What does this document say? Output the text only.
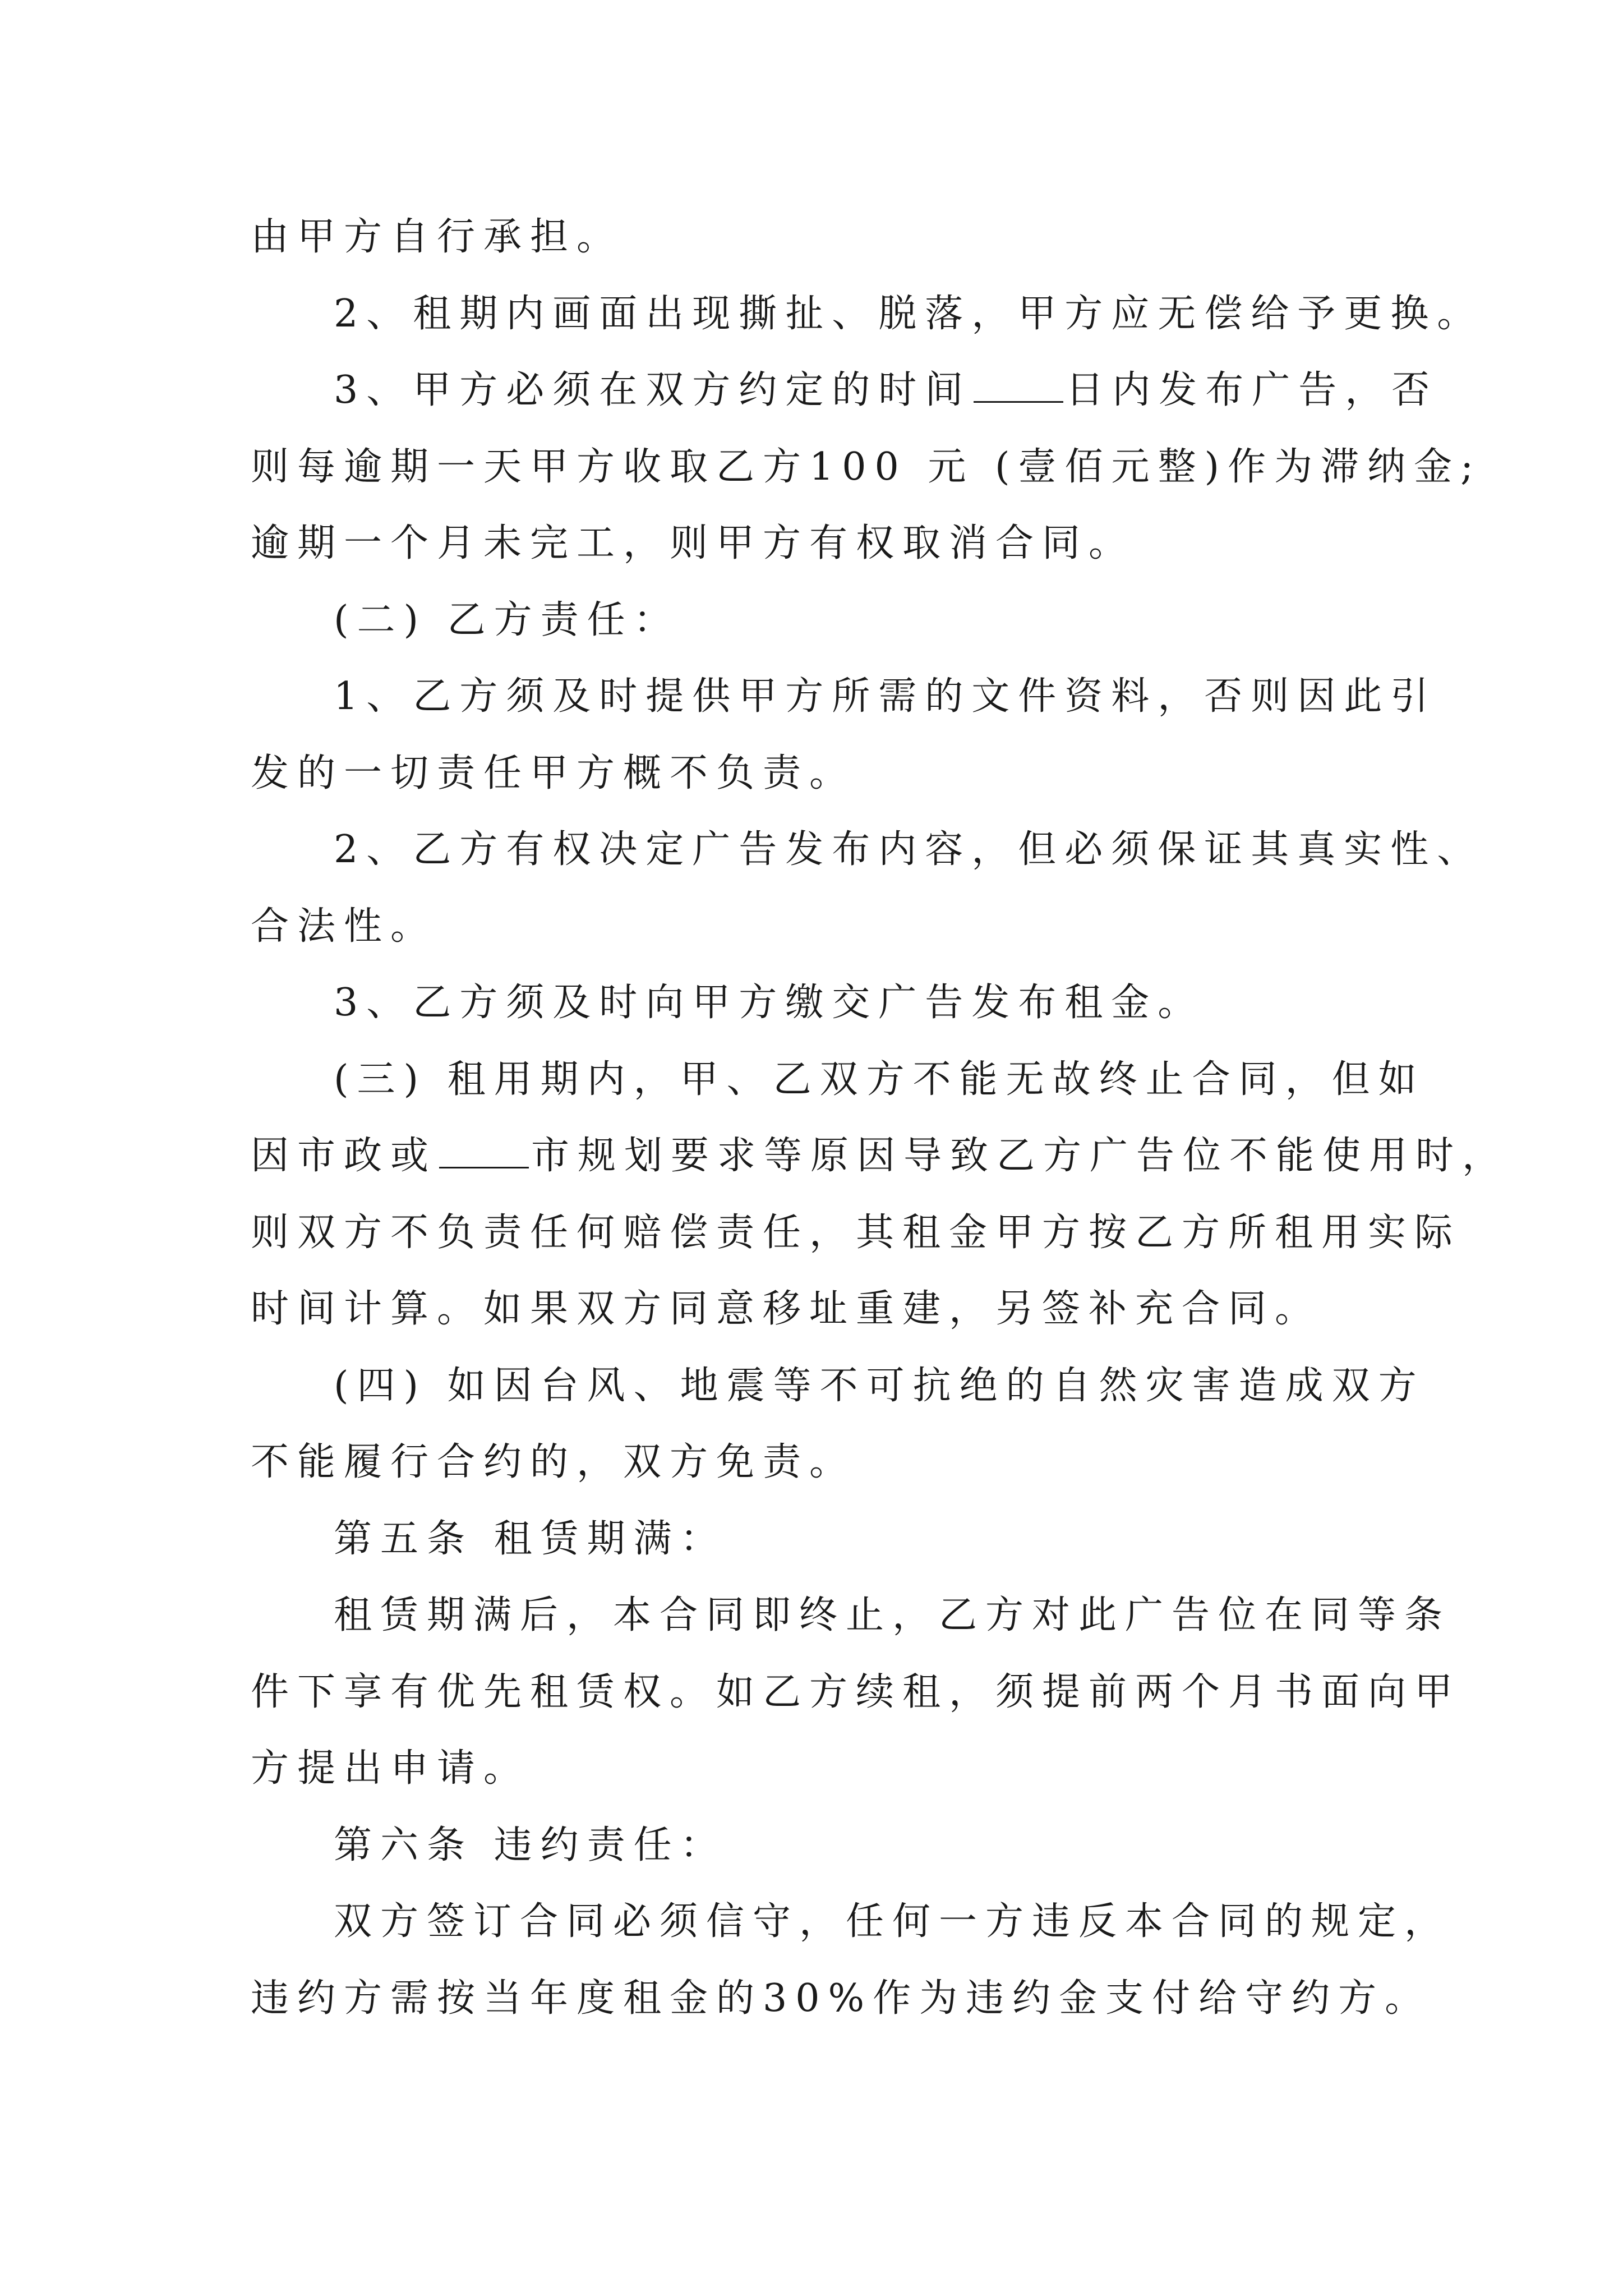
由甲方自行承担。
2、租期内画面出现撕扯、脱落，甲方应无偿给予更换。
3、甲方必须在双方约定的时间 日内发布广告，否
则每逾期一天甲方收取乙方100 元 (壹佰元整)作为滞纳金;
逾期一个月未完工，则甲方有权取消合同。
(二) 乙方责任：
1、乙方须及时提供甲方所需的文件资料，否则因此引
发的一切责任甲方概不负责。
2、乙方有权决定广告发布内容，但必须保证其真实性、
合法性。
3、乙方须及时向甲方缴交广告发布租金。
(三) 租用期内，甲、乙双方不能无故终止合同，但如
因市政或 市规划要求等原因导致乙方广告位不能使用时，
则双方不负责任何赔偿责任，其租金甲方按乙方所租用实际
时间计算。如果双方同意移址重建，另签补充合同。
(四) 如因台风、地震等不可抗绝的自然灾害造成双方
不能履行合约的，双方免责。
第五条 租赁期满：
租赁期满后，本合同即终止，乙方对此广告位在同等条
件下享有优先租赁权。如乙方续租，须提前两个月书面向甲
方提出申请。
第六条 违约责任：
双方签订合同必须信守，任何一方违反本合同的规定，
违约方需按当年度租金的30%作为违约金支付给守约方。
